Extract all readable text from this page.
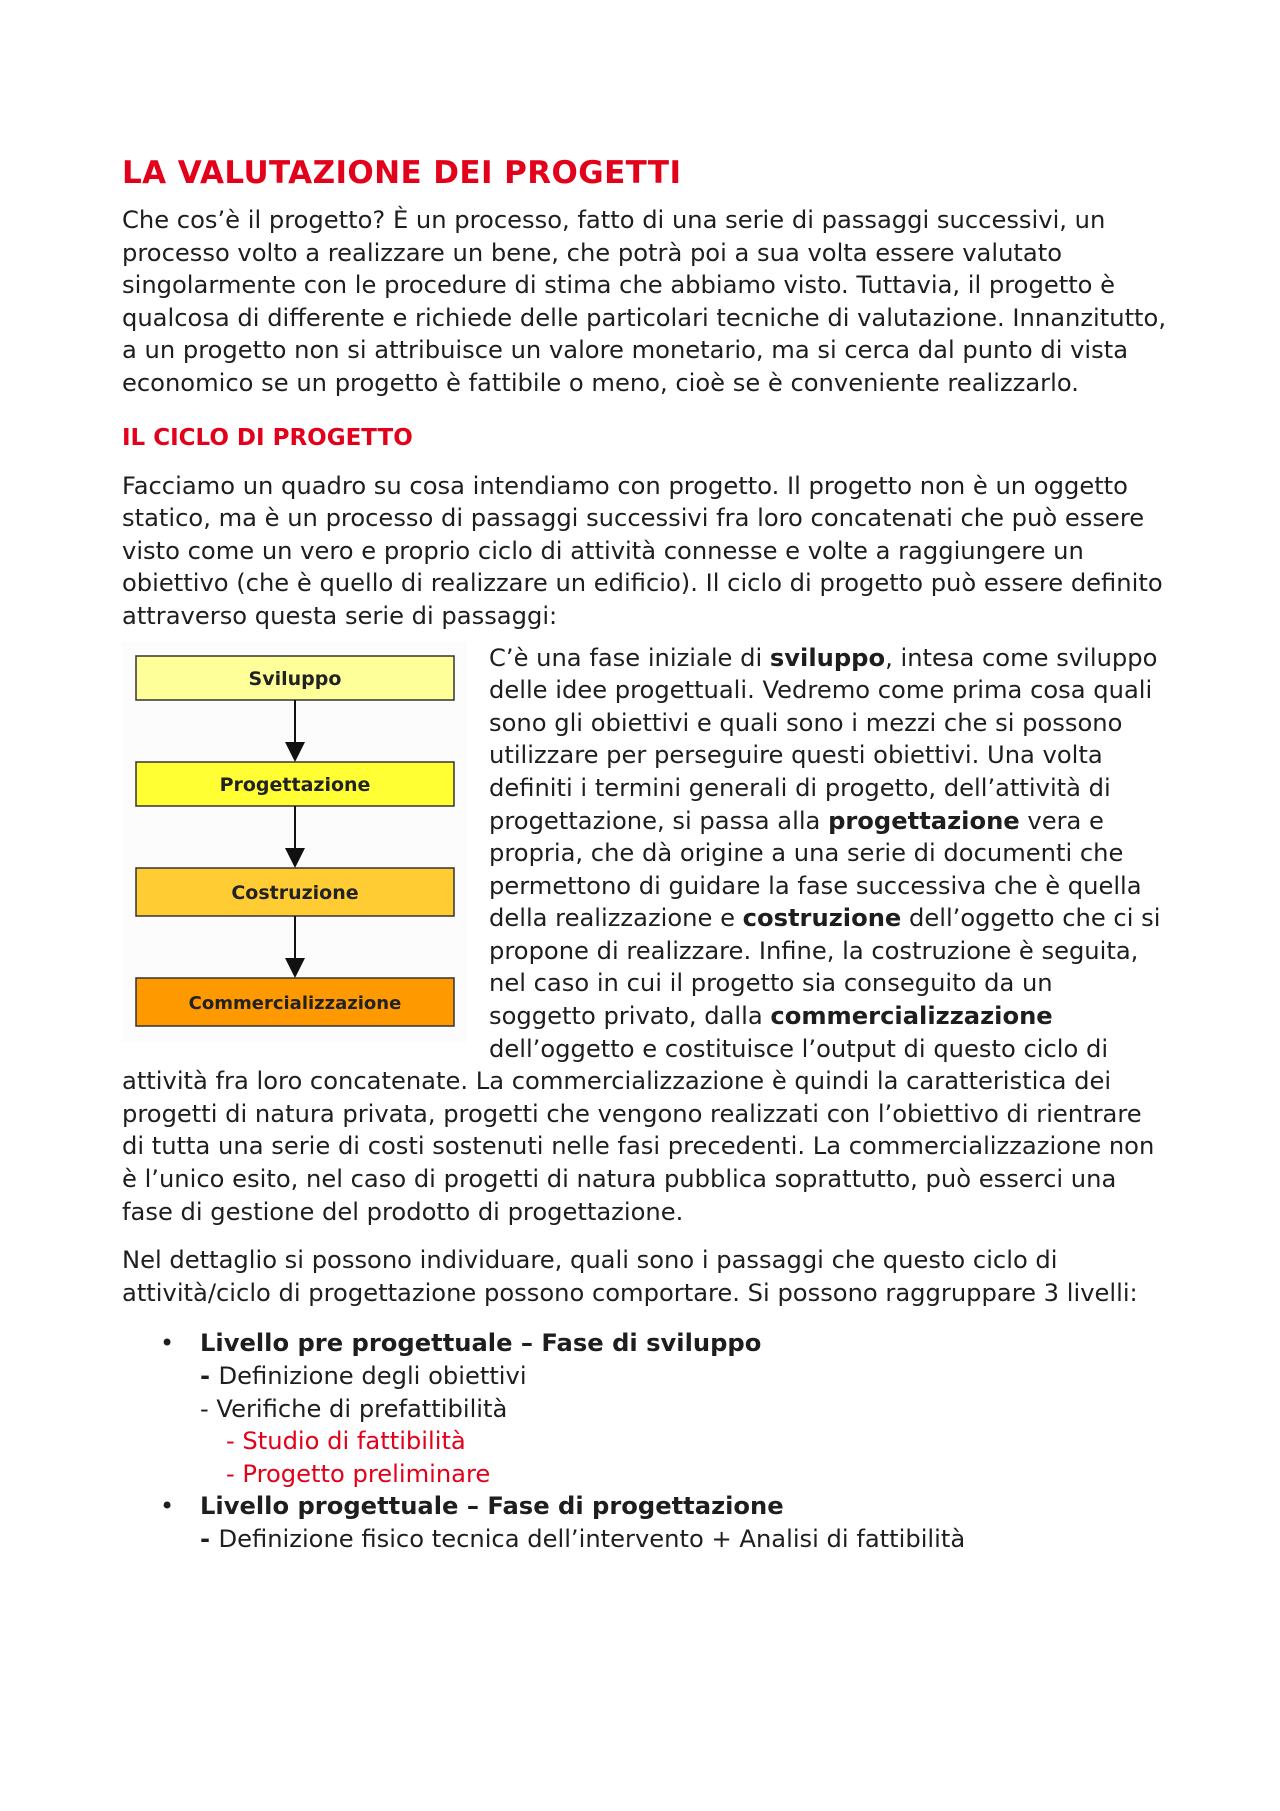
LA VALUTAZIONE DEI PROGETTI

Che cos’è il progetto? È un processo, fatto di una serie di passaggi successivi, un processo volto a realizzare un bene, che potrà poi a sua volta essere valutato singolarmente con le procedure di stima che abbiamo visto. Tuttavia, il progetto è qualcosa di differente e richiede delle particolari tecniche di valutazione. Innanzitutto, a un progetto non si attribuisce un valore monetario, ma si cerca dal punto di vista economico se un progetto è fattibile o meno, cioè se è conveniente realizzarlo.

IL CICLO DI PROGETTO

Facciamo un quadro su cosa intendiamo con progetto. Il progetto non è un oggetto statico, ma è un processo di passaggi successivi fra loro concatenati che può essere visto come un vero e proprio ciclo di attività connesse e volte a raggiungere un obiettivo (che è quello di realizzare un edificio). Il ciclo di progetto può essere definito attraverso questa serie di passaggi:

Sviluppo
Progettazione
Costruzione
Commercializzazione

C’è una fase iniziale di sviluppo, intesa come sviluppo delle idee progettuali. Vedremo come prima cosa quali sono gli obiettivi e quali sono i mezzi che si possono utilizzare per perseguire questi obiettivi. Una volta definiti i termini generali di progetto, dell’attività di progettazione, si passa alla progettazione vera e propria, che dà origine a una serie di documenti che permettono di guidare la fase successiva che è quella della realizzazione e costruzione dell’oggetto che ci si propone di realizzare. Infine, la costruzione è seguita, nel caso in cui il progetto sia conseguito da un soggetto privato, dalla commercializzazione dell’oggetto e costituisce l’output di questo ciclo di attività fra loro concatenate. La commercializzazione è quindi la caratteristica dei progetti di natura privata, progetti che vengono realizzati con l’obiettivo di rientrare di tutta una serie di costi sostenuti nelle fasi precedenti. La commercializzazione non è l’unico esito, nel caso di progetti di natura pubblica soprattutto, può esserci una fase di gestione del prodotto di progettazione.

Nel dettaglio si possono individuare, quali sono i passaggi che questo ciclo di attività/ciclo di progettazione possono comportare. Si possono raggruppare 3 livelli:

• Livello pre progettuale – Fase di sviluppo
- Definizione degli obiettivi
- Verifiche di prefattibilità
- Studio di fattibilità
- Progetto preliminare
• Livello progettuale – Fase di progettazione
- Definizione fisico tecnica dell’intervento + Analisi di fattibilità
